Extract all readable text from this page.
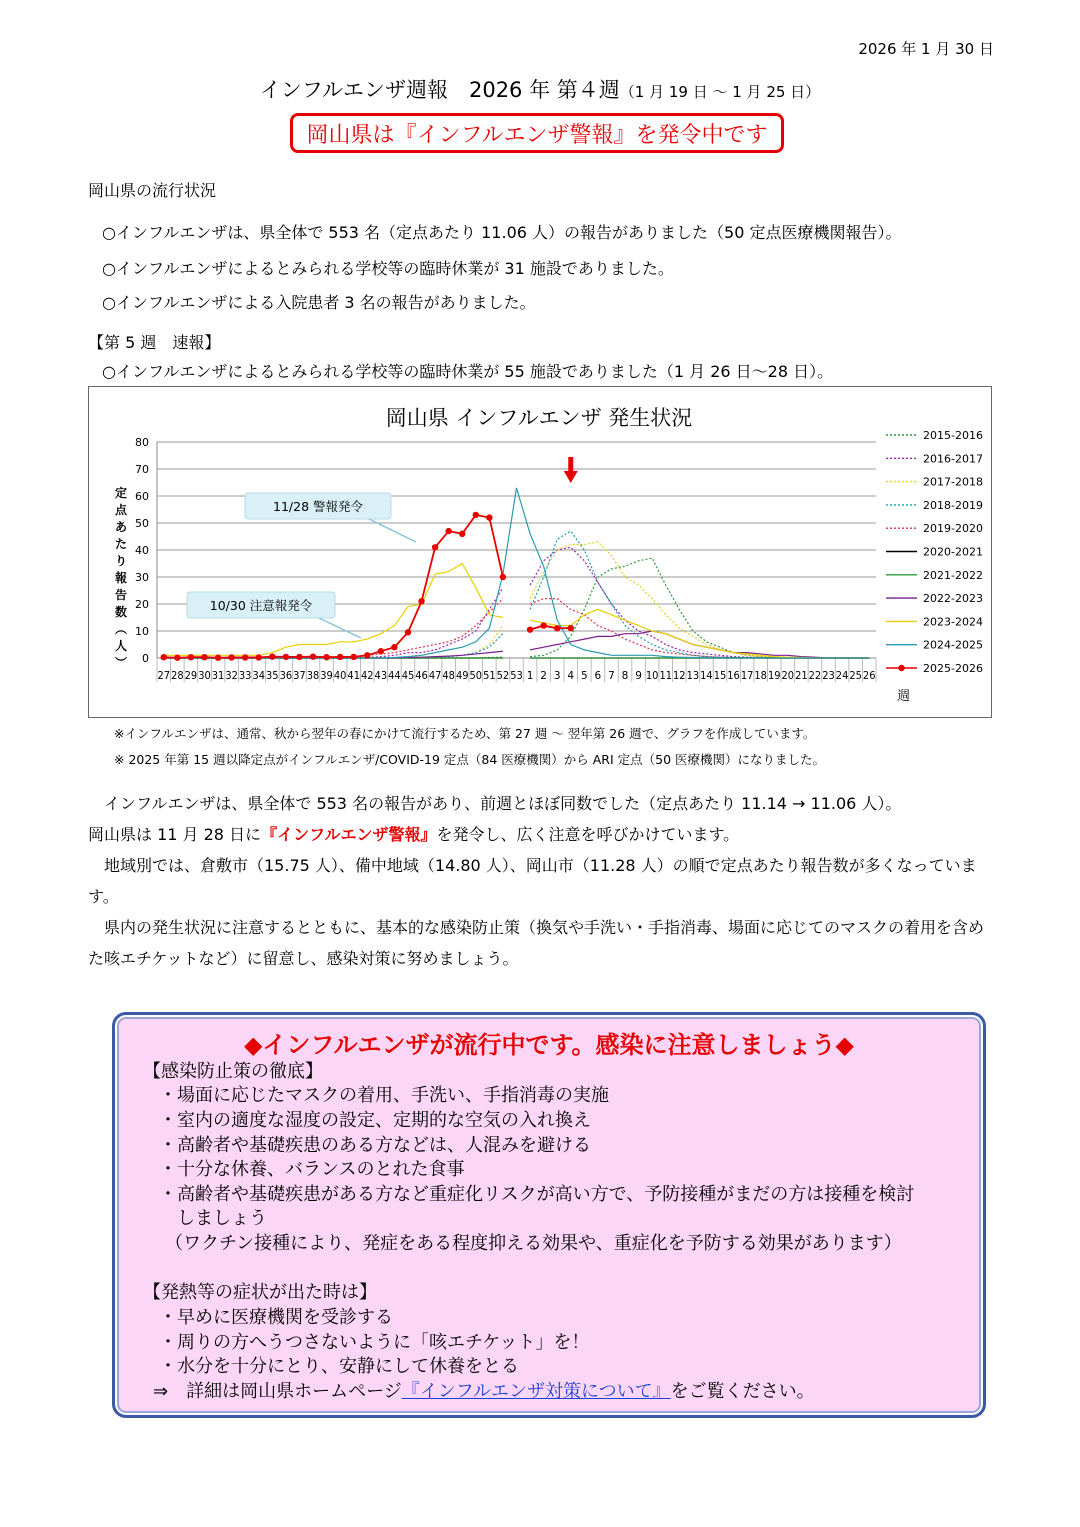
2026 年 1 月 30 日
インフルエンザ週報　2026 年 第４週（1 月 19 日 ～ 1 月 25 日）
岡山県は『インフルエンザ警報』を発令中です
岡山県の流行状況
○インフルエンザは、県全体で 553 名（定点あたり 11.06 人）の報告がありました（50 定点医療機関報告）。
○インフルエンザによるとみられる学校等の臨時休業が 31 施設でありました。
○インフルエンザによる入院患者 3 名の報告がありました。
【第 5 週　速報】
○インフルエンザによるとみられる学校等の臨時休業が 55 施設でありました（1 月 26 日～28 日）。
岡山県 インフルエンザ 発生状況
0
10
20
30
40
50
60
70
80
27 28 29 30 31 32 33 34 35 36 37 38 39 40 41 42 43 44 45 46 47 48 49 50 51 52 53 1 2 3 4 5 6 7 8 9 10 11 12 13 14 15 16 17 18 19 20 21 22 23 24 25 26
2015-2016
2016-2017
2017-2018
2018-2019
2019-2020
2020-2021
2021-2022
2022-2023
2023-2024
2024-2025
2025-2026
定点あたり報告数︵人︶
週
11/28 警報発令
10/30 注意報発令
※インフルエンザは、通常、秋から翌年の春にかけて流行するため、第 27 週 ～ 翌年第 26 週で、グラフを作成しています。
※ 2025 年第 15 週以降定点がインフルエンザ/COVID-19 定点（84 医療機関）から ARI 定点（50 医療機関）になりました。

インフルエンザは、県全体で 553 名の報告があり、前週とほぼ同数でした（定点あたり 11.14 → 11.06 人）。

岡山県は 11 月 28 日に『インフルエンザ警報』を発令し、広く注意を呼びかけています。

地域別では、倉敷市（15.75 人）、備中地域（14.80 人）、岡山市（11.28 人）の順で定点あたり報告数が多くなっています。

県内の発生状況に注意するとともに、基本的な感染防止策（換気や手洗い・手指消毒、場面に応じてのマスクの着用を含めた咳エチケットなど）に留意し、感染対策に努めましょう。

◆インフルエンザが流行中です。感染に注意しましょう◆
【感染防止策の徹底】
・場面に応じたマスクの着用、手洗い、手指消毒の実施
・室内の適度な湿度の設定、定期的な空気の入れ換え
・高齢者や基礎疾患のある方などは、人混みを避ける
・十分な休養、バランスのとれた食事
・高齢者や基礎疾患がある方など重症化リスクが高い方で、予防接種がまだの方は接種を検討
しましょう
（ワクチン接種により、発症をある程度抑える効果や、重症化を予防する効果があります）
【発熱等の症状が出た時は】
・早めに医療機関を受診する
・周りの方へうつさないように「咳エチケット」を！
・水分を十分にとり、安静にして休養をとる
⇒　詳細は岡山県ホームページ『インフルエンザ対策について』をご覧ください。
